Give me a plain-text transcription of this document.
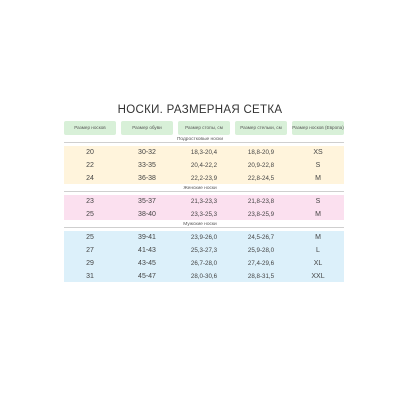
НОСКИ. РАЗМЕРНАЯ СЕТКА
Размер носков	Размер обуви	Размер стопы, см	Размер стельки, см	Размер носков (Европа)
Подростковые носки
20	30-32	18,3-20,4	18,8-20,9	XS
22	33-35	20,4-22,2	20,9-22,8	S
24	36-38	22,2-23,9	22,8-24,5	M
Женские носки
23	35-37	21,3-23,3	21,8-23,8	S
25	38-40	23,3-25,3	23,8-25,9	M
Мужские носки
25	39-41	23,9-26,0	24,5-26,7	M
27	41-43	25,3-27,3	25,9-28,0	L
29	43-45	26,7-28,0	27,4-29,6	XL
31	45-47	28,0-30,6	28,8-31,5	XXL
